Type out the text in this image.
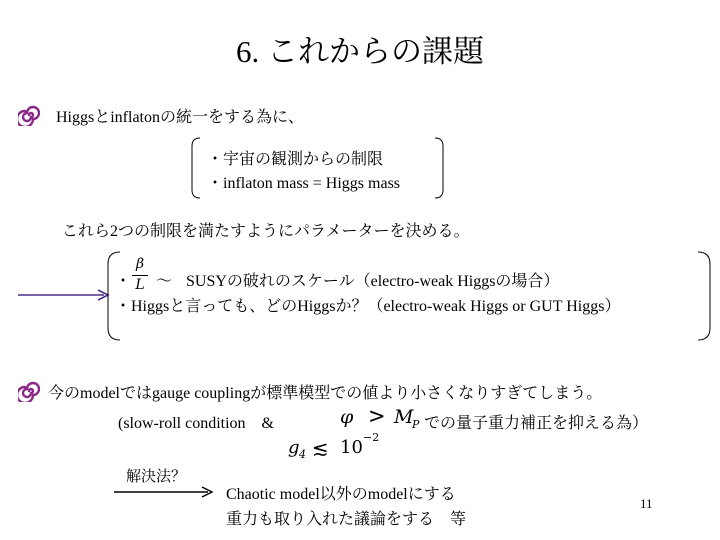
6. これからの課題
Higgsとinflatonの統一をする為に、
・宇宙の観測からの制限
・inflaton mass = Higgs mass
これら2つの制限を満たすようにパラメーターを決める。
・
β
L ～ SUSYの破れのスケール（electro-weak Higgsの場合）
・Higgsと言っても、どのHiggsか？（electro-weak Higgs or GUT Higgs）
今のmodelではgauge couplingが標準模型での値より小さくなりすぎてしまう。
(slow-roll condition　&	φ > M
P での量子重力補正を抑える為）
g 4 ≲ 10 −2
解決法？
Chaotic model以外のmodelにする
重力も取り入れた議論をする　等
11
